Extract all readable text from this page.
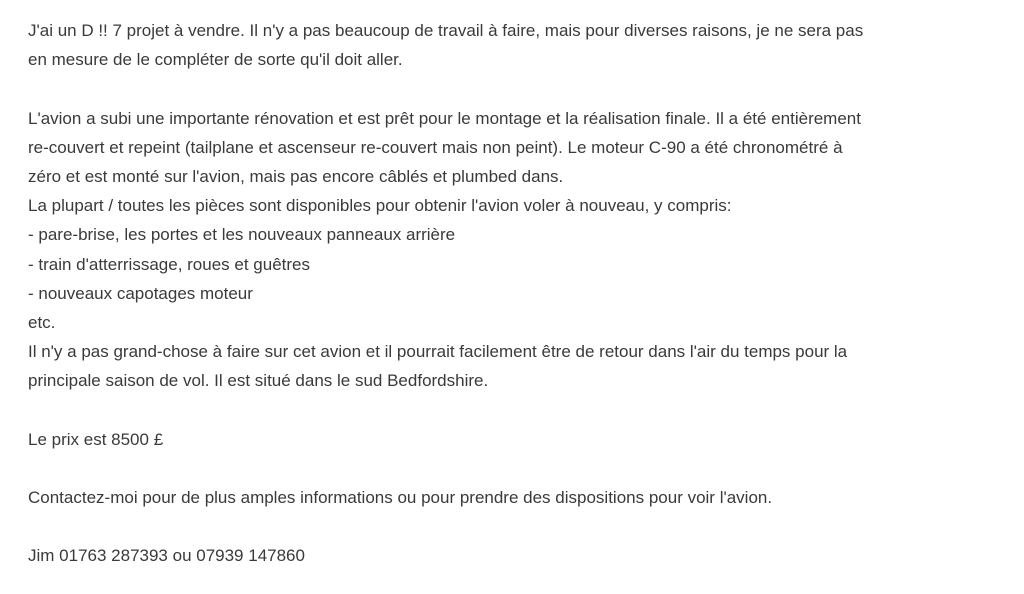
J'ai un D !! 7 projet à vendre. Il n'y a pas beaucoup de travail à faire, mais pour diverses raisons, je ne sera pas

en mesure de le compléter de sorte qu'il doit aller.

L'avion a subi une importante rénovation et est prêt pour le montage et la réalisation finale. Il a été entièrement

re-couvert et repeint (tailplane et ascenseur re-couvert mais non peint). Le moteur C-90 a été chronométré à

zéro et est monté sur l'avion, mais pas encore câblés et plumbed dans.

La plupart / toutes les pièces sont disponibles pour obtenir l'avion voler à nouveau, y compris:

- pare-brise, les portes et les nouveaux panneaux arrière

- train d'atterrissage, roues et guêtres

- nouveaux capotages moteur

etc.

Il n'y a pas grand-chose à faire sur cet avion et il pourrait facilement être de retour dans l'air du temps pour la

principale saison de vol. Il est situé dans le sud Bedfordshire.

Le prix est 8500 £

Contactez-moi pour de plus amples informations ou pour prendre des dispositions pour voir l'avion.

Jim 01763 287393 ou 07939 147860
